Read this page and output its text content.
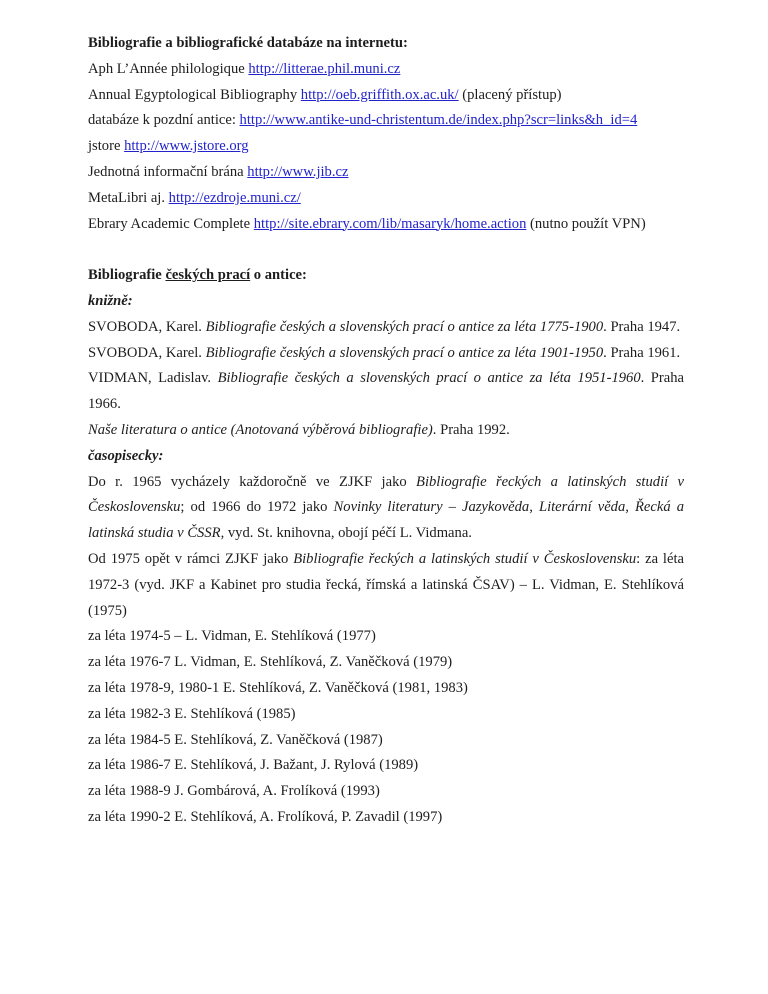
Bibliografie a bibliografické databáze na internetu:

Aph L’Année philologique http://litterae.phil.muni.cz

Annual Egyptological Bibliography http://oeb.griffith.ox.ac.uk/ (placený přístup)

databáze k pozdní antice: http://www.antike-und-christentum.de/index.php?scr=links&h_id=4

jstore http://www.jstore.org

Jednotná informační brána http://www.jib.cz

MetaLibri aj. http://ezdroje.muni.cz/

Ebrary Academic Complete http://site.ebrary.com/lib/masaryk/home.action (nutno použít VPN)

Bibliografie českých prací o antice:

knižně:

SVOBODA, Karel. Bibliografie českých a slovenských prací o antice za léta 1775-1900. Praha 1947.

SVOBODA, Karel. Bibliografie českých a slovenských prací o antice za léta 1901-1950. Praha 1961.

VIDMAN, Ladislav. Bibliografie českých a slovenských prací o antice za léta 1951-1960. Praha 1966.

Naše literatura o antice (Anotovaná výběrová bibliografie). Praha 1992.

časopisecky:

Do r. 1965 vycházely každoročně ve ZJKF jako Bibliografie řeckých a latinských studií v Československu; od 1966 do 1972 jako Novinky literatury – Jazykověda, Literární věda, Řecká a latinská studia v ČSSR, vyd. St. knihovna, obojí péčí L. Vidmana.

Od 1975 opět v rámci ZJKF jako Bibliografie řeckých a latinských studií v Československu: za léta 1972-3 (vyd. JKF a Kabinet pro studia řecká, římská a latinská ČSAV) – L. Vidman, E. Stehlíková (1975)

za léta 1974-5 – L. Vidman, E. Stehlíková (1977)

za léta 1976-7 L. Vidman, E. Stehlíková, Z. Vaněčková (1979)

za léta 1978-9, 1980-1 E. Stehlíková, Z. Vaněčková (1981, 1983)

za léta 1982-3 E. Stehlíková (1985)

za léta 1984-5 E. Stehlíková, Z. Vaněčková (1987)

za léta 1986-7 E. Stehlíková, J. Bažant, J. Rylová (1989)

za léta 1988-9 J. Gombárová, A. Frolíková (1993)

za léta 1990-2 E. Stehlíková, A. Frolíková, P. Zavadil (1997)
